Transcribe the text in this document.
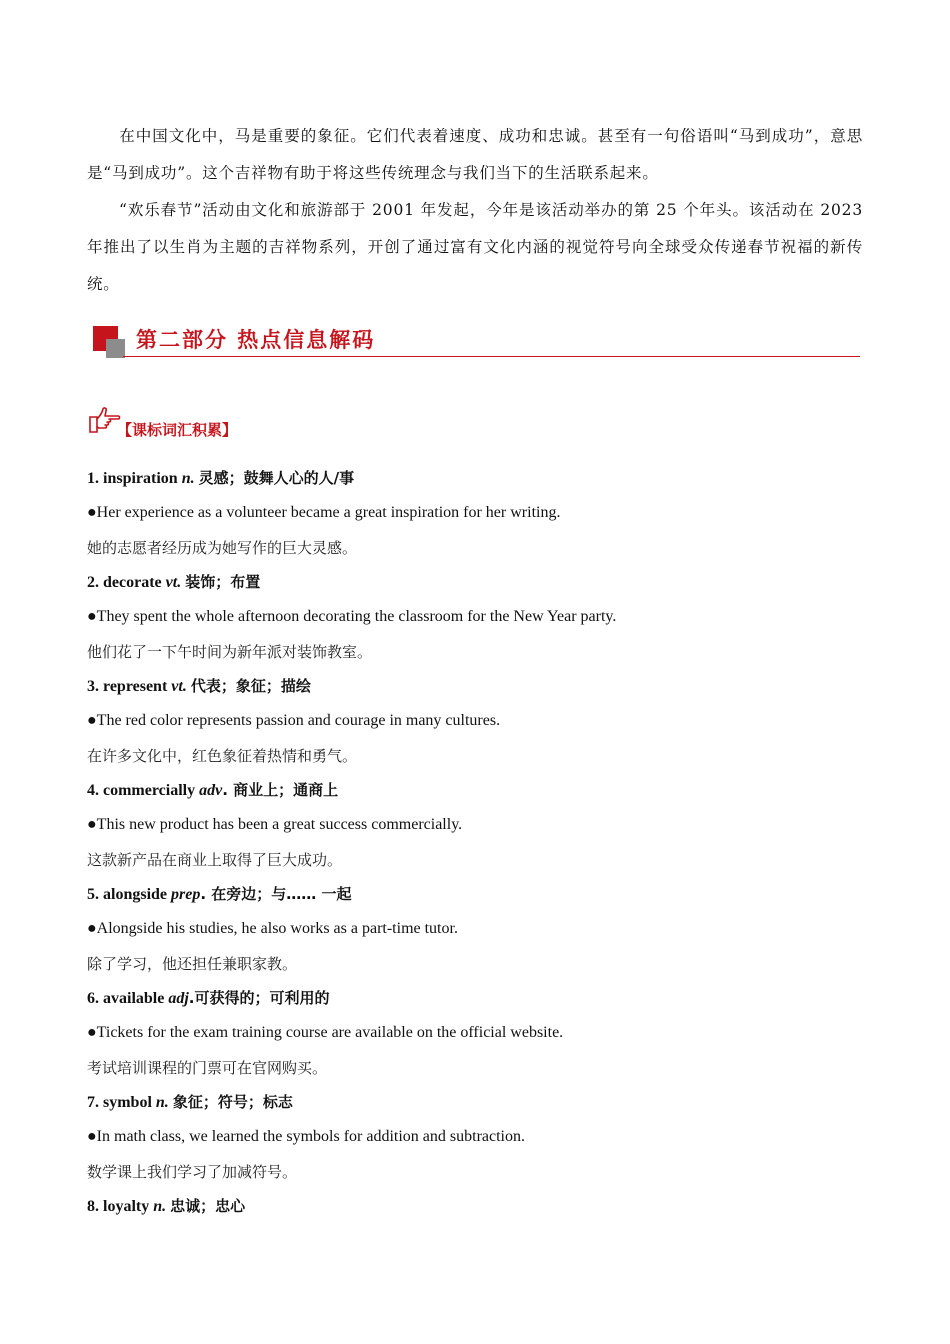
在中国文化中，马是重要的象征。它们代表着速度、成功和忠诚。甚至有一句俗语叫“马到成功”，意思是“马到成功”。这个吉祥物有助于将这些传统理念与我们当下的生活联系起来。

“欢乐春节”活动由文化和旅游部于 2001 年发起，今年是该活动举办的第 25 个年头。该活动在 2023 年推出了以生肖为主题的吉祥物系列，开创了通过富有文化内涵的视觉符号向全球受众传递春节祝福的新传统。

第二部分 热点信息解码
【课标词汇积累】
1. inspiration n. 灵感；鼓舞人心的人/事
●Her experience as a volunteer became a great inspiration for her writing.
她的志愿者经历成为她写作的巨大灵感。
2. decorate vt. 装饰；布置
●They spent the whole afternoon decorating the classroom for the New Year party.
他们花了一下午时间为新年派对装饰教室。
3. represent vt. 代表；象征；描绘
●The red color represents passion and courage in many cultures.
在许多文化中，红色象征着热情和勇气。
4. commercially adv. 商业上；通商上
●This new product has been a great success commercially.
这款新产品在商业上取得了巨大成功。
5. alongside prep. 在旁边；与…… 一起
●Alongside his studies, he also works as a part-time tutor.
除了学习，他还担任兼职家教。
6. available adj.可获得的；可利用的
●Tickets for the exam training course are available on the official website.
考试培训课程的门票可在官网购买。
7. symbol n. 象征；符号；标志
●In math class, we learned the symbols for addition and subtraction.
数学课上我们学习了加减符号。
8. loyalty n. 忠诚；忠心
